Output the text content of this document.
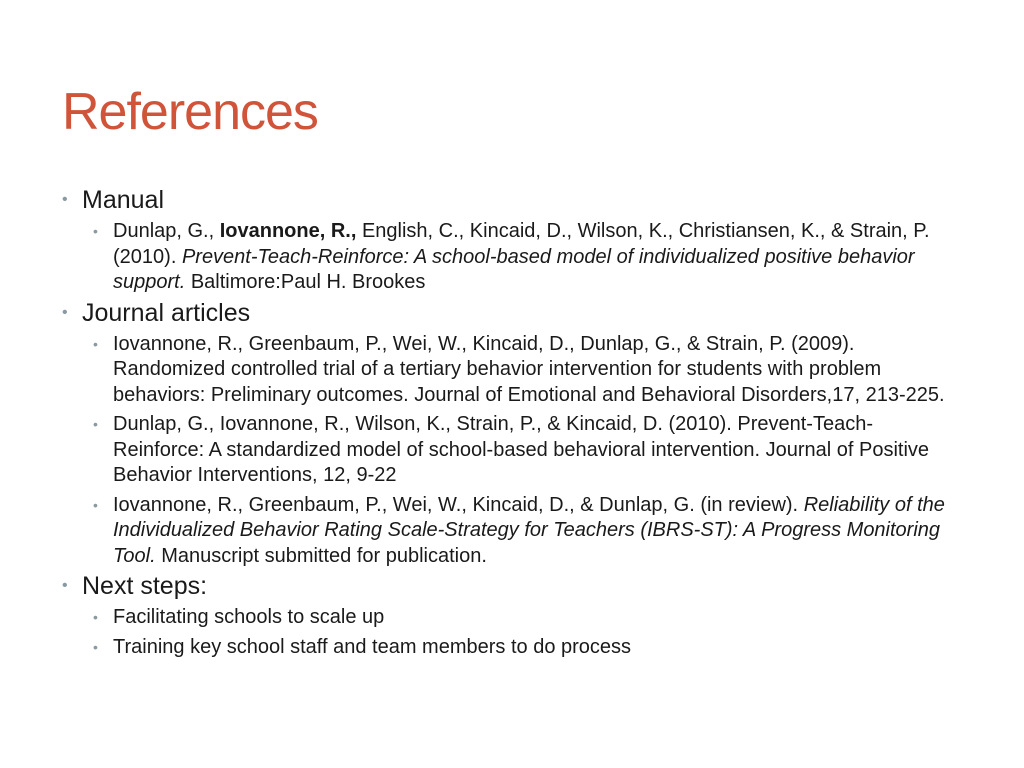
References
• Manual
• Dunlap, G., Iovannone, R., English, C., Kincaid, D., Wilson, K., Christiansen, K., & Strain, P. (2010). Prevent-Teach-Reinforce: A school-based model of individualized positive behavior support. Baltimore:Paul H. Brookes
• Journal articles
• Iovannone, R., Greenbaum, P., Wei, W., Kincaid, D., Dunlap, G., & Strain, P. (2009). Randomized controlled trial of a tertiary behavior intervention for students with problem behaviors: Preliminary outcomes. Journal of Emotional and Behavioral Disorders,17, 213-225.
• Dunlap, G., Iovannone, R., Wilson, K., Strain, P., & Kincaid, D. (2010). Prevent-Teach-Reinforce: A standardized model of school-based behavioral intervention. Journal of Positive Behavior Interventions, 12, 9-22
• Iovannone, R., Greenbaum, P., Wei, W., Kincaid, D., & Dunlap, G. (in review). Reliability of the Individualized Behavior Rating Scale-Strategy for Teachers (IBRS-ST): A Progress Monitoring Tool. Manuscript submitted for publication.
• Next steps:
• Facilitating schools to scale up
• Training key school staff and team members to do process
